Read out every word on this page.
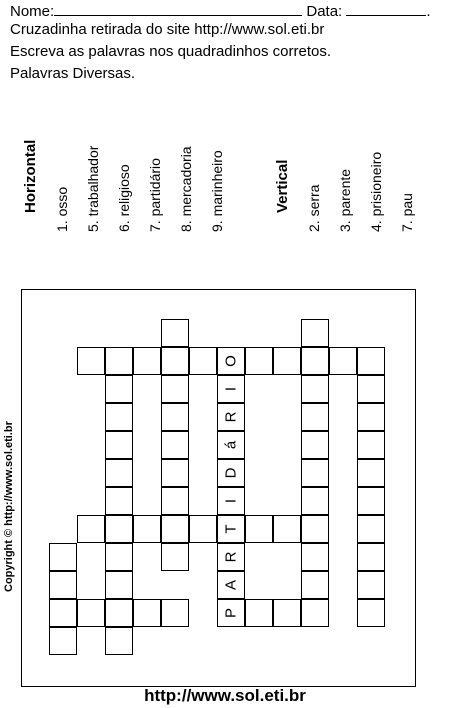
Nome:	Data:	.
Cruzadinha retirada do site http://www.sol.eti.br
Escreva as palavras nos quadradinhos corretos.
Palavras Diversas.
Horizontal 1. osso 5. trabalhador 6. religioso 7. partidário 8. mercadoria 9. marinheiro	Vertical 2. serra 3. parente 4. prisioneiro 7. pau
Copyright © http://www.sol.eti.br
O
T
I
R
á
D
I
R
A
P
http://www.sol.eti.br
